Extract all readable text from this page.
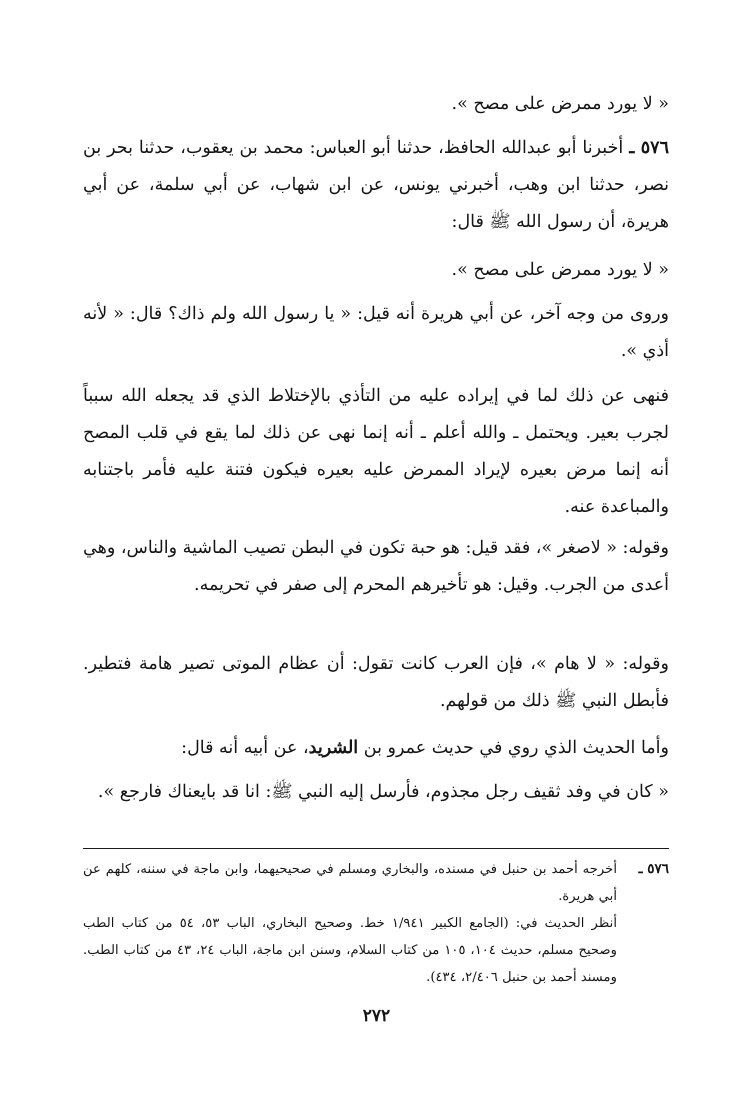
« لا يورد ممرض على مصح ».
٥٧٦ ـ أخبرنا أبو عبدالله الحافظ، حدثنا أبو العباس: محمد بن يعقوب، حدثنا بحر بن نصر، حدثنا ابن وهب، أخبرني يونس، عن ابن شهاب، عن أبي سلمة، عن أبي هريرة، أن رسول الله ﷺ قال:
« لا يورد ممرض على مصح ».
وروى من وجه آخر، عن أبي هريرة أنه قيل: « يا رسول الله ولم ذاك؟ قال: « لأنه أذي ».
فنهى عن ذلك لما في إيراده عليه من التأذي بالإختلاط الذي قد يجعله الله سبباً لجرب بعير. ويحتمل ـ والله أعلم ـ أنه إنما نهى عن ذلك لما يقع في قلب المصح أنه إنما مرض بعيره لإيراد الممرض عليه بعيره فيكون فتنة عليه فأمر باجتنابه والمباعدة عنه.
وقوله: « لاصغر »، فقد قيل: هو حبة تكون في البطن تصيب الماشية والناس، وهي أعدى من الجرب. وقيل: هو تأخيرهم المحرم إلى صفر في تحريمه.
وقوله: « لا هام »، فإن العرب كانت تقول: أن عظام الموتى تصير هامة فتطير. فأبطل النبي ﷺ ذلك من قولهم.
وأما الحديث الذي روي في حديث عمرو بن الشريد، عن أبيه أنه قال:
« كان في وفد ثقيف رجل مجذوم، فأرسل إليه النبي ﷺ: انا قد بايعناك فارجع ».
٥٧٦ ـ
أخرجه أحمد بن حنبل في مسنده، والبخاري ومسلم في صحيحيهما، وابن ماجة في سننه، كلهم عن أبي هريرة.
أنظر الحديث في: (الجامع الكبير ١/٩٤١ خط. وصحيح البخاري، الباب ٥٣، ٥٤ من كتاب الطب وصحيح مسلم، حديث ١٠٤، ١٠٥ من كتاب السلام، وسنن ابن ماجة، الباب ٢٤، ٤٣ من كتاب الطب. ومسند أحمد بن حنبل ٢/٤٠٦، ٤٣٤).
٢٧٢
